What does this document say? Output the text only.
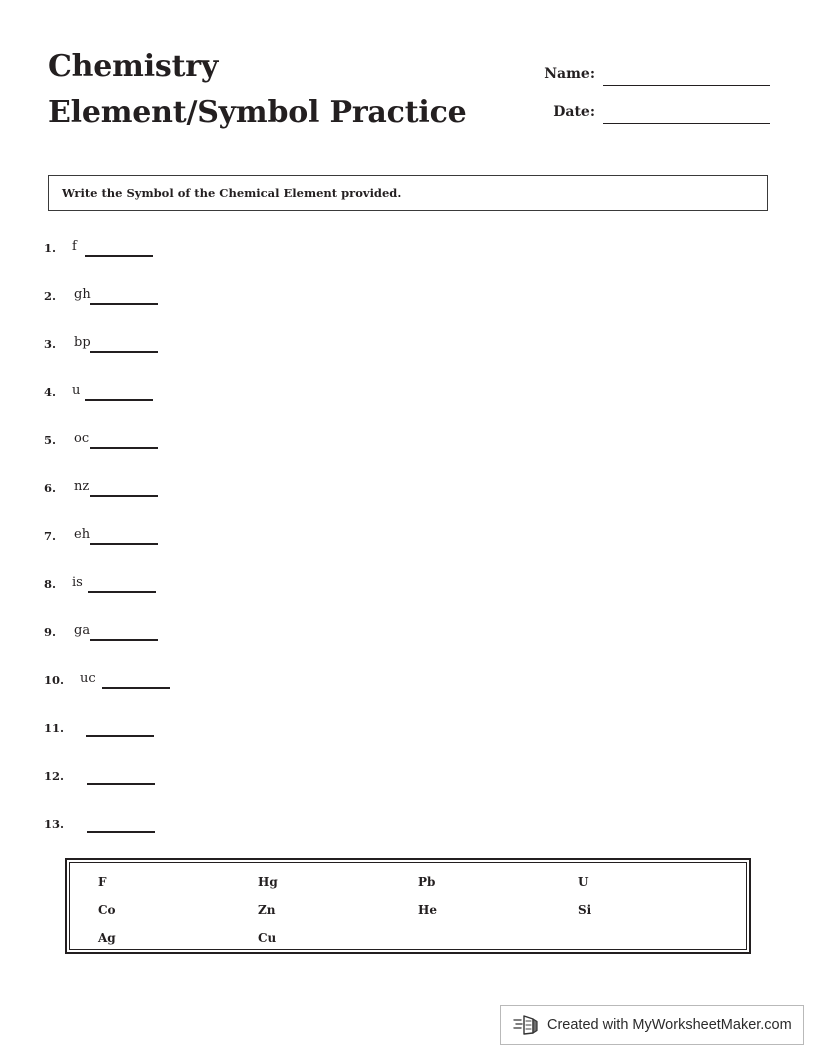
Chemistry Element/Symbol Practice
Name:
Date:
Write the Symbol of the Chemical Element provided.
1.	f
2.	gh
3.	bp
4.	u
5.	oc
6.	nz
7.	eh
8.	is
9.	ga
10.	uc
11.
12.
13.
F	Hg	Pb	U
Co	Zn	He	Si
Ag	Cu
Created with MyWorksheetMaker.com
